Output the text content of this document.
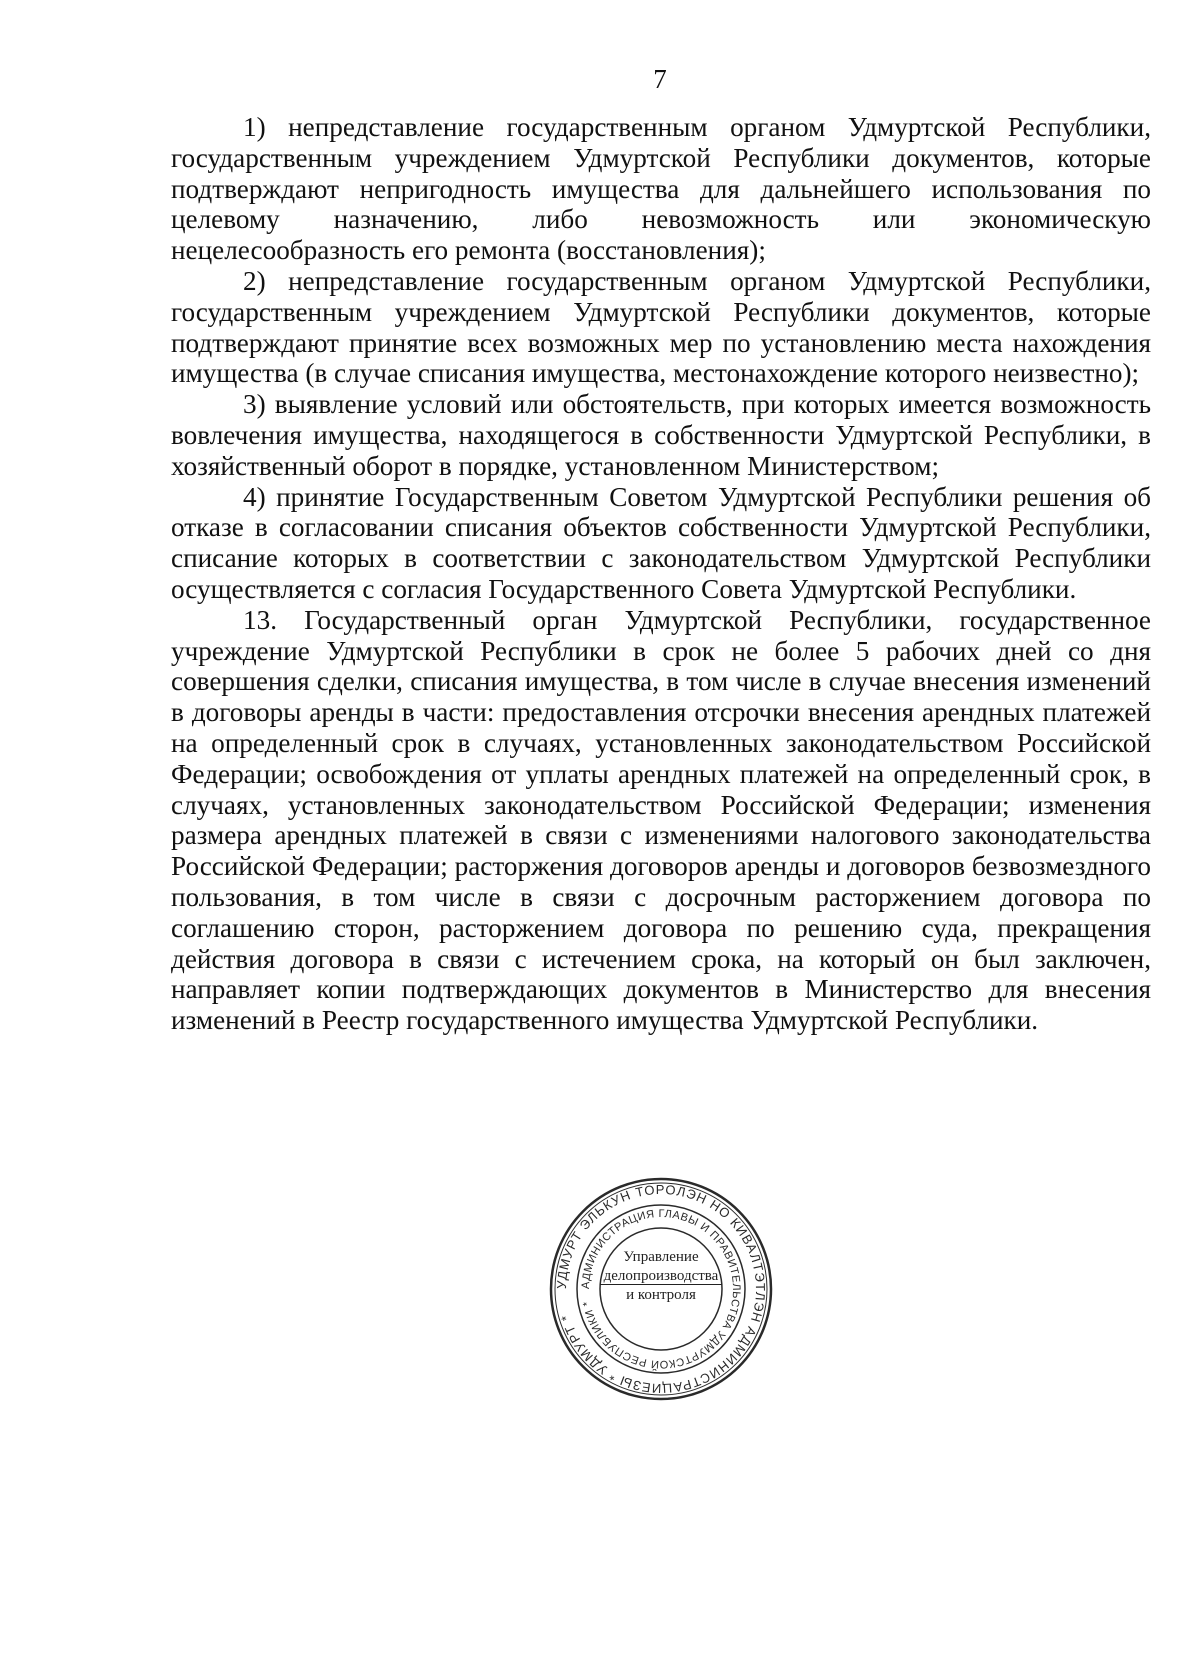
7

1) непредставление государственным органом Удмуртской Республики, государственным учреждением Удмуртской Республики документов, которые подтверждают непригодность имущества для дальнейшего использования по целевому назначению, либо невозможность или экономическую нецелесообразность его ремонта (восстановления);

2) непредставление государственным органом Удмуртской Республики, государственным учреждением Удмуртской Республики документов, которые подтверждают принятие всех возможных мер по установлению места нахождения имущества (в случае списания имущества, местонахождение которого неизвестно);

3) выявление условий или обстоятельств, при которых имеется возможность вовлечения имущества, находящегося в собственности Удмуртской Республики, в хозяйственный оборот в порядке, установленном Министерством;

4) принятие Государственным Советом Удмуртской Республики решения об отказе в согласовании списания объектов собственности Удмуртской Республики, списание которых в соответствии с законодательством Удмуртской Республики осуществляется с согласия Государственного Совета Удмуртской Республики.

13. Государственный орган Удмуртской Республики, государственное учреждение Удмуртской Республики в срок не более 5 рабочих дней со дня совершения сделки, списания имущества, в том числе в случае внесения изменений в договоры аренды в части: предоставления отсрочки внесения арендных платежей на определенный срок в случаях, установленных законодательством Российской Федерации; освобождения от уплаты арендных платежей на определенный срок, в случаях, установленных законодательством Российской Федерации; изменения размера арендных платежей в связи с изменениями налогового законодательства Российской Федерации; расторжения договоров аренды и договоров безвозмездного пользования, в том числе в связи с досрочным расторжением договора по соглашению сторон, расторжением договора по решению суда, прекращения действия договора в связи с истечением срока, на который он был заключен, направляет копии подтверждающих документов в Министерство для внесения изменений в Реестр государственного имущества Удмуртской Республики.

УДМУРТ ЭЛЬКУН ТОРОЛЭН НО КИВАЛТЭТЛЭН АДМИНИСТРАЦИЕЗЫ * УДМУРТ *
АДМИНИСТРАЦИЯ ГЛАВЫ И ПРАВИТЕЛЬСТВА УДМУРТСКОЙ РЕСПУБЛИКИ *
Управление
делопроизводства
и контроля
